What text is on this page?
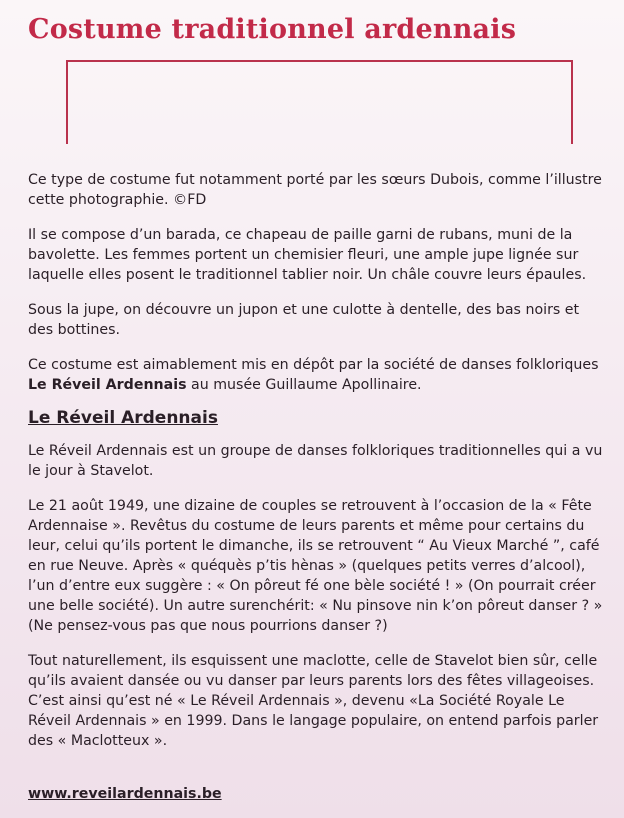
Costume traditionnel ardennais

Ce type de costume fut notamment porté par les sœurs Dubois, comme l’illustre cette photographie. ©FD

Il se compose d’un barada, ce chapeau de paille garni de rubans, muni de la bavolette. Les femmes portent un chemisier fleuri, une ample jupe lignée sur laquelle elles posent le traditionnel tablier noir. Un châle couvre leurs épaules.

Sous la jupe, on découvre un jupon et une culotte à dentelle, des bas noirs et des bottines.

Ce costume est aimablement mis en dépôt par la société de danses folkloriques Le Réveil Ardennais au musée Guillaume Apollinaire.

Le Réveil Ardennais

Le Réveil Ardennais est un groupe de danses folkloriques traditionnelles qui a vu le jour à Stavelot.

Le 21 août 1949, une dizaine de couples se retrouvent à l’occasion de la « Fête Ardennaise ». Revêtus du costume de leurs parents et même pour certains du leur, celui qu’ils portent le dimanche, ils se retrouvent “ Au Vieux Marché ”, café en rue Neuve. Après « quéquès p’tis hènas » (quelques petits verres d’alcool), l’un d’entre eux suggère : « On pôreut fé one bèle société ! » (On pourrait créer une belle société). Un autre surenchérit: « Nu pinsove nin k’on pôreut danser ? » (Ne pensez-vous pas que nous pourrions danser ?)

Tout naturellement, ils esquissent une maclotte, celle de Stavelot bien sûr, celle qu’ils avaient dansée ou vu danser par leurs parents lors des fêtes villageoises. C’est ainsi qu’est né « Le Réveil Ardennais », devenu «La Société Royale Le Réveil Ardennais » en 1999. Dans le langage populaire, on entend parfois parler des « Maclotteux ».

www.reveilardennais.be
